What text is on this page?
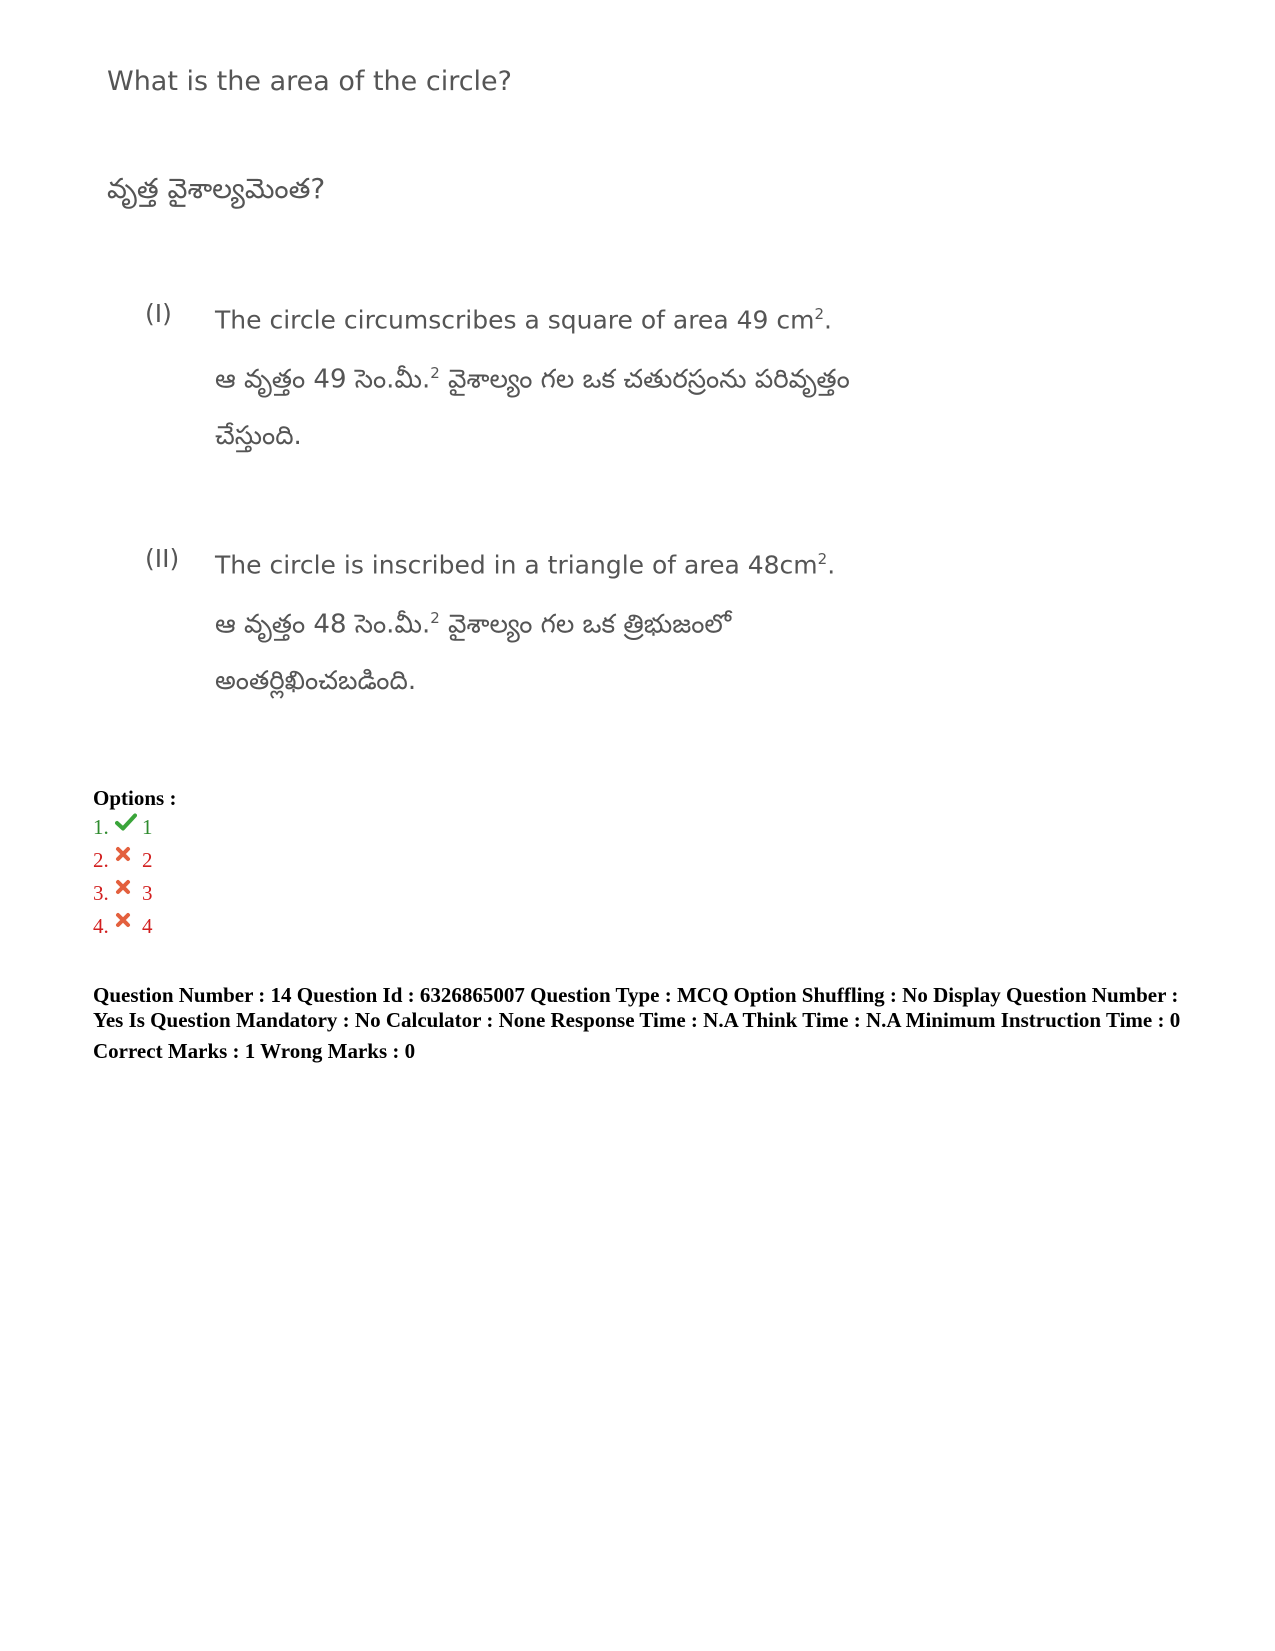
What is the area of the circle?
వృత్త వైశాల్యమెంత?
(I) The circle circumscribes a square of area 49 $cm^2$.
ఆ వృత్తం 49 సెం.మీ.$^2$ వైశాల్యం గల ఒక చతురస్రంను పరివృత్తం చేస్తుంది.
(II) The circle is inscribed in a triangle of area $48cm^2$.
ఆ వృత్తం 48 సెం.మీ.$^2$ వైశాల్యం గల ఒక త్రిభుజంలో అంతర్లిఖించబడింది.
Options :
1. 1
2. 2
3. 3
4. 4
Question Number : 14 Question Id : 6326865007 Question Type : MCQ Option Shuffling : No Display Question Number : Yes Is Question Mandatory : No Calculator : None Response Time : N.A Think Time : N.A Minimum Instruction Time : 0
Correct Marks : 1 Wrong Marks : 0
